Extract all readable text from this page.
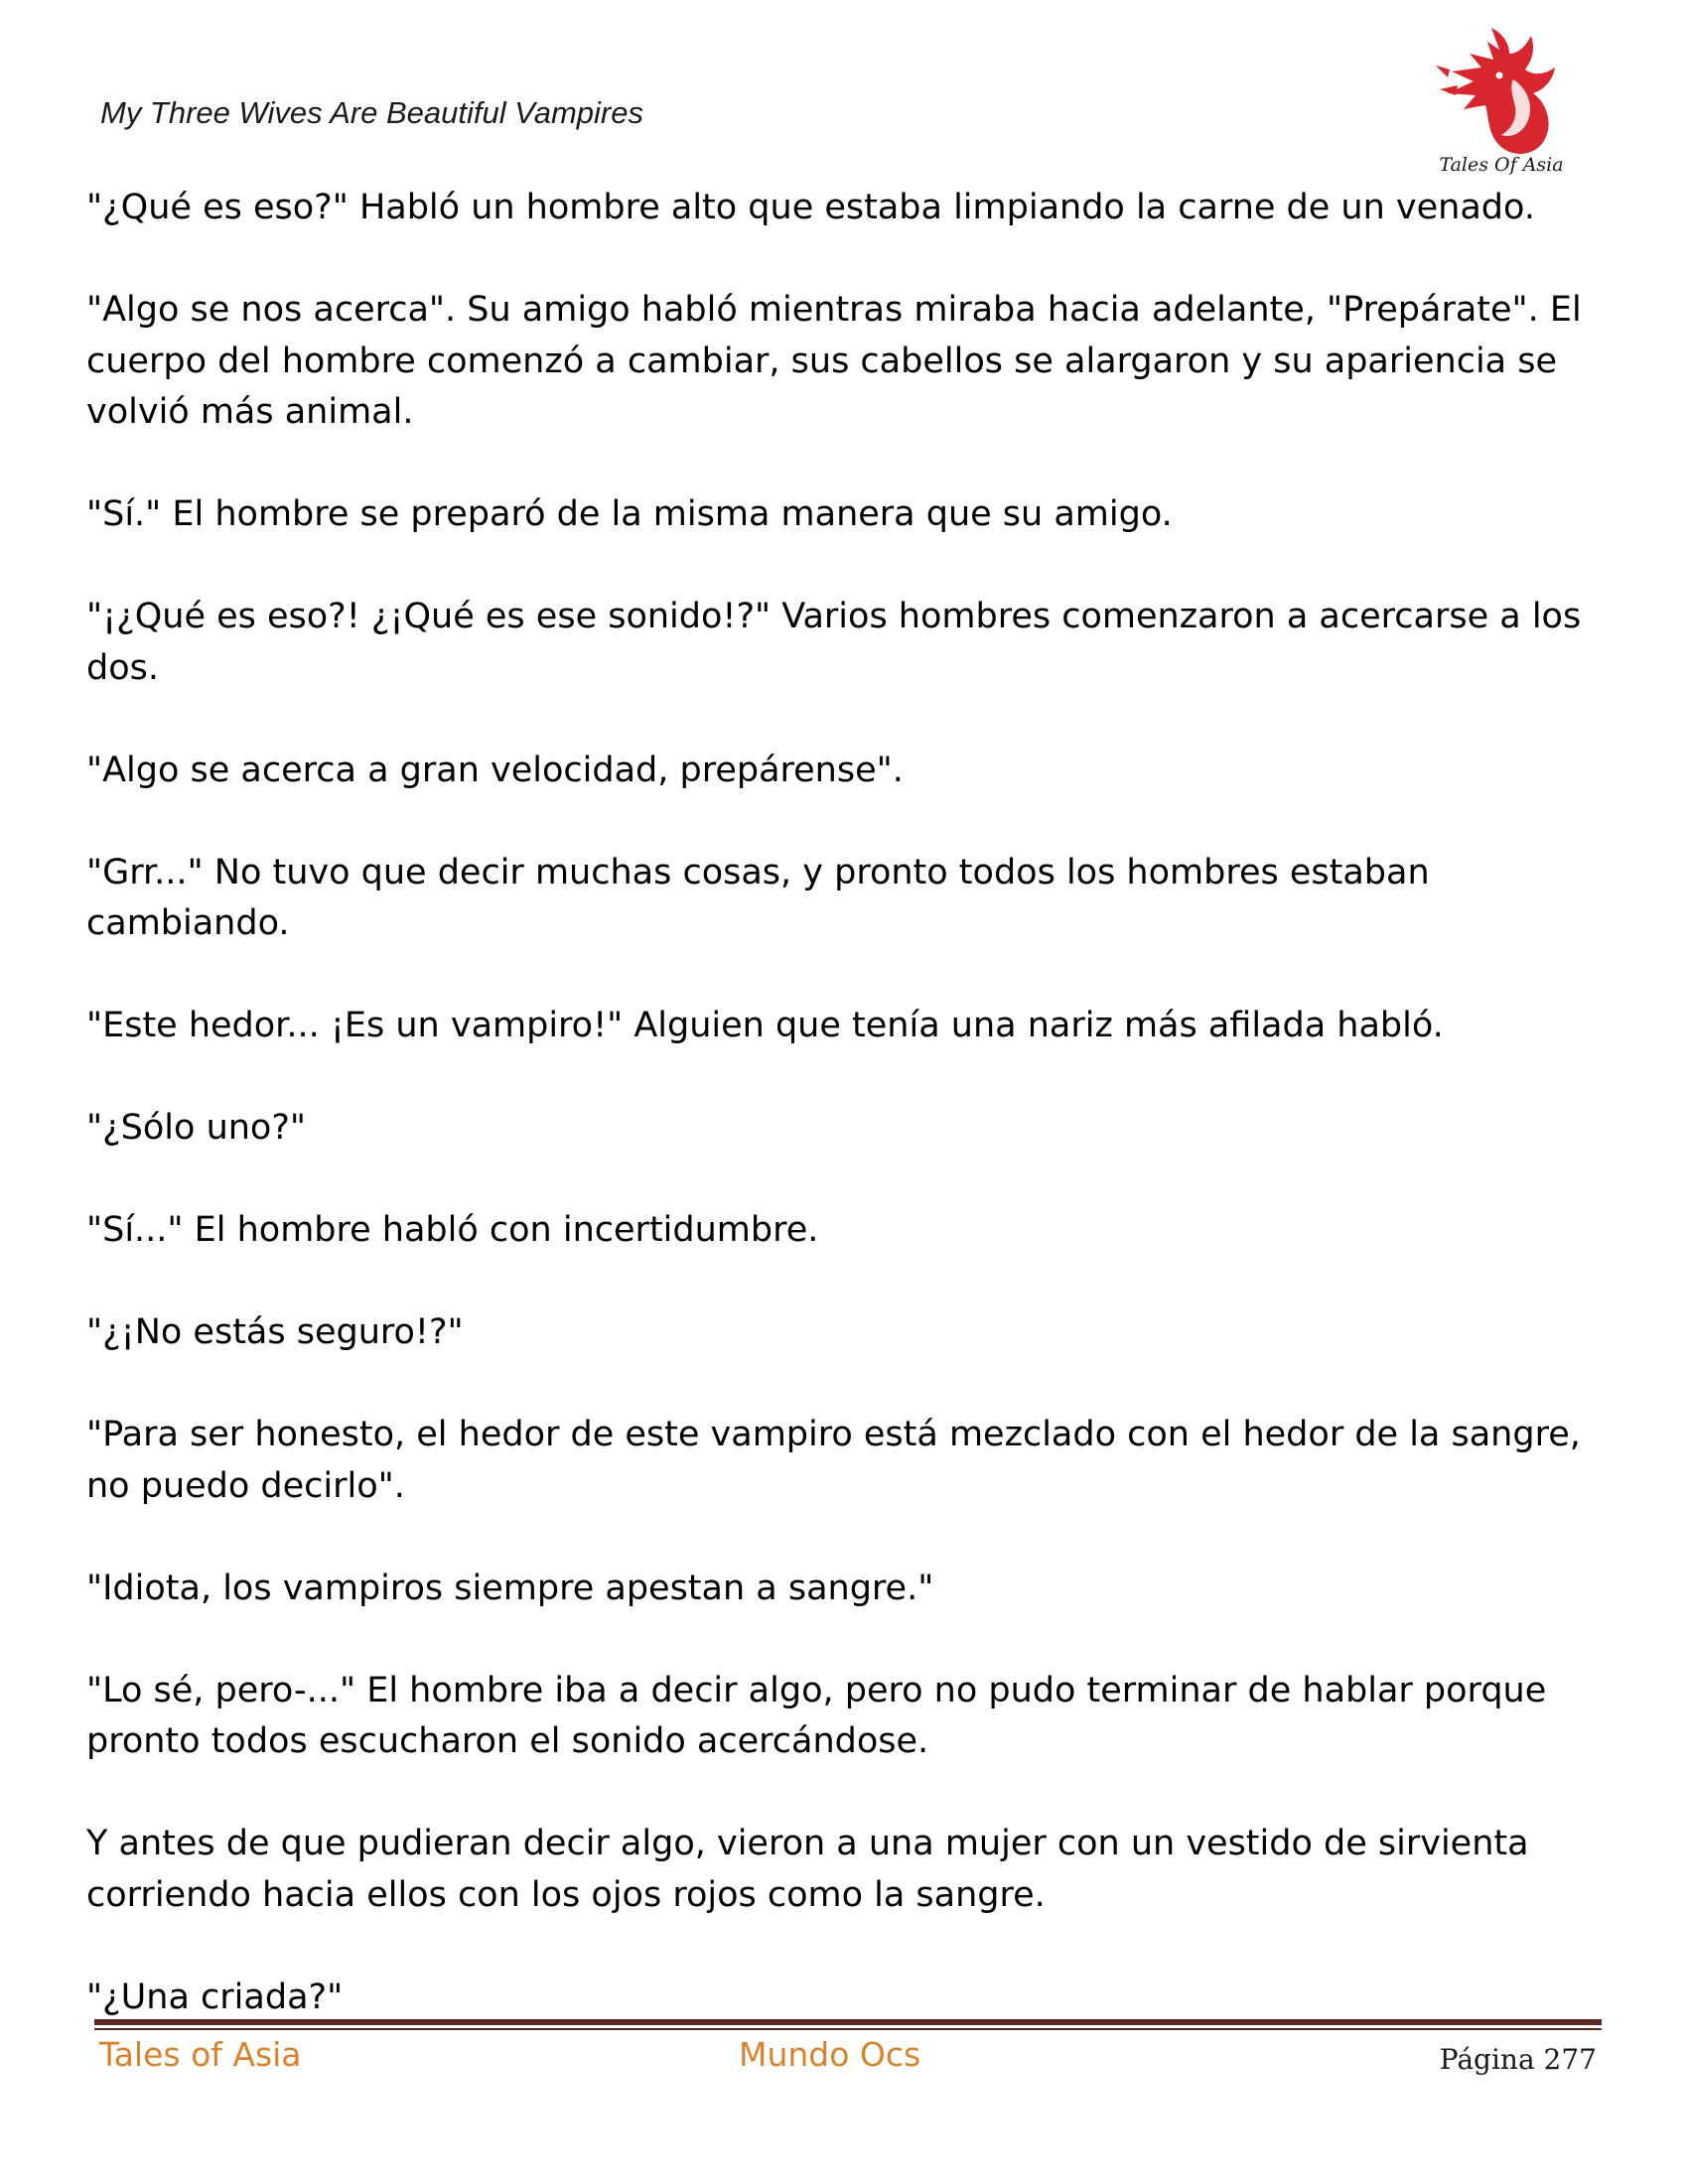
My Three Wives Are Beautiful Vampires

Tales Of Asia

"¿Qué es eso?" Habló un hombre alto que estaba limpiando la carne de un venado.

"Algo se nos acerca". Su amigo habló mientras miraba hacia adelante, "Prepárate". El cuerpo del hombre comenzó a cambiar, sus cabellos se alargaron y su apariencia se volvió más animal.

"Sí." El hombre se preparó de la misma manera que su amigo.

"¡¿Qué es eso?! ¿¡Qué es ese sonido!?" Varios hombres comenzaron a acercarse a los dos.

"Algo se acerca a gran velocidad, prepárense".

"Grr..." No tuvo que decir muchas cosas, y pronto todos los hombres estaban cambiando.

"Este hedor... ¡Es un vampiro!" Alguien que tenía una nariz más afilada habló.

"¿Sólo uno?"

"Sí..." El hombre habló con incertidumbre.

"¿¡No estás seguro!?"

"Para ser honesto, el hedor de este vampiro está mezclado con el hedor de la sangre, no puedo decirlo".

"Idiota, los vampiros siempre apestan a sangre."

"Lo sé, pero-..." El hombre iba a decir algo, pero no pudo terminar de hablar porque pronto todos escucharon el sonido acercándose.

Y antes de que pudieran decir algo, vieron a una mujer con un vestido de sirvienta corriendo hacia ellos con los ojos rojos como la sangre.

"¿Una criada?"

Tales of Asia	Mundo Ocs	Página 277
